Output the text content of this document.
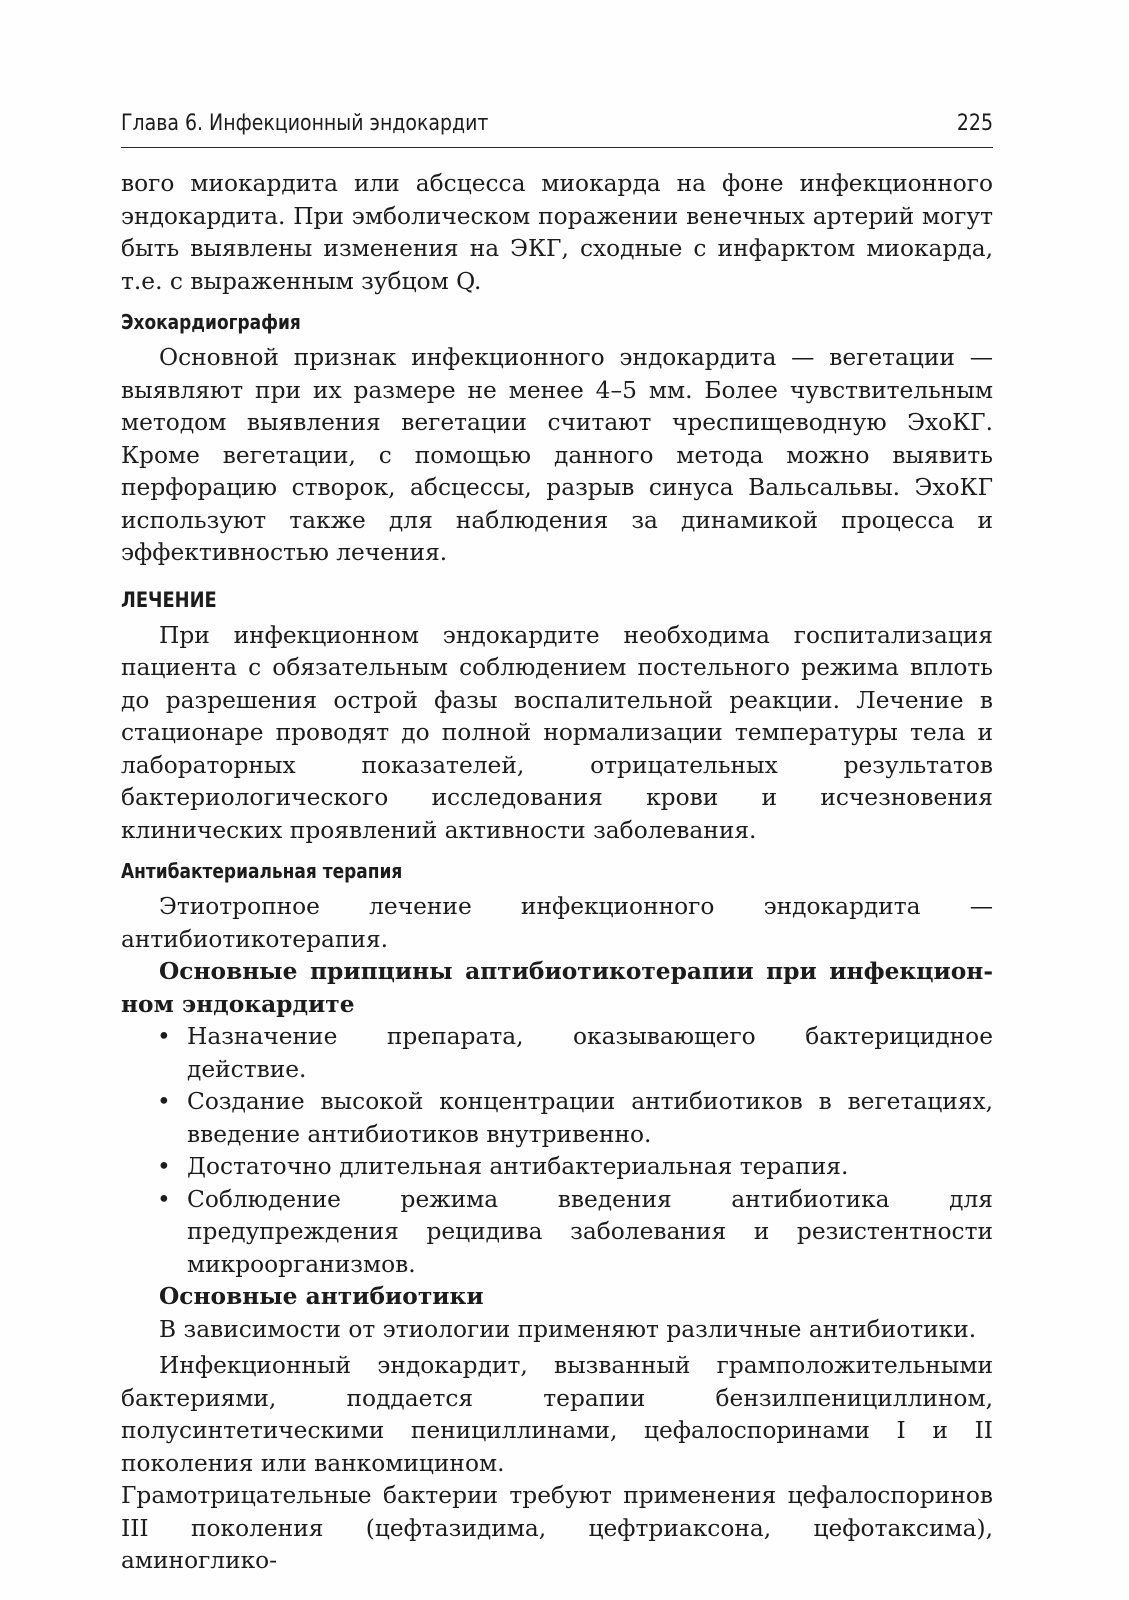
Глава 6. Инфекционный эндокардит	225

вого миокардита или абсцесса миокарда на фоне инфекционного эндокардита. При эмболическом поражении венечных артерий могут быть выявлены изменения на ЭКГ, сходные с инфарктом миокарда, т.е. с выраженным зубцом Q.

Эхокардиография

Основной признак инфекционного эндокардита — вегетации — выявляют при их размере не менее 4–5 мм. Более чувствительным методом выявления вегетации считают чреспищеводную ЭхоКГ. Кроме вегетации, с помощью данного метода можно выявить перфорацию створок, абсцессы, разрыв синуса Вальсальвы. ЭхоКГ используют также для наблюдения за динамикой процесса и эффективностью лечения.

ЛЕЧЕНИЕ

При инфекционном эндокардите необходима госпитализация пациента с обязательным соблюдением постельного режима вплоть до разрешения острой фазы воспалительной реакции. Лечение в стационаре проводят до полной нормализации температуры тела и лабораторных показателей, отрицательных результатов бактериологического исследования крови и исчезновения клинических проявлений активности заболевания.

Антибактериальная терапия

Этиотропное лечение инфекционного эндокардита — антибиотикотерапия.

Основные припцины аптибиотикотерапии при инфекционном эндокардите

• Назначение препарата, оказывающего бактерицидное действие.
• Создание высокой концентрации антибиотиков в вегетациях, введение антибиотиков внутривенно.
• Достаточно длительная антибактериальная терапия.
• Соблюдение режима введения антибиотика для предупреждения рецидива заболевания и резистентности микроорганизмов.

Основные антибиотики

В зависимости от этиологии применяют различные антибиотики.

Инфекционный эндокардит, вызванный грамположительными бактериями, поддается терапии бензилпенициллином, полусинтетическими пенициллинами, цефалоспоринами I и II поколения или ванкомицином.

Грамотрицательные бактерии требуют применения цефалоспоринов III поколения (цефтазидима, цефтриаксона, цефотаксима), аминоглико-
